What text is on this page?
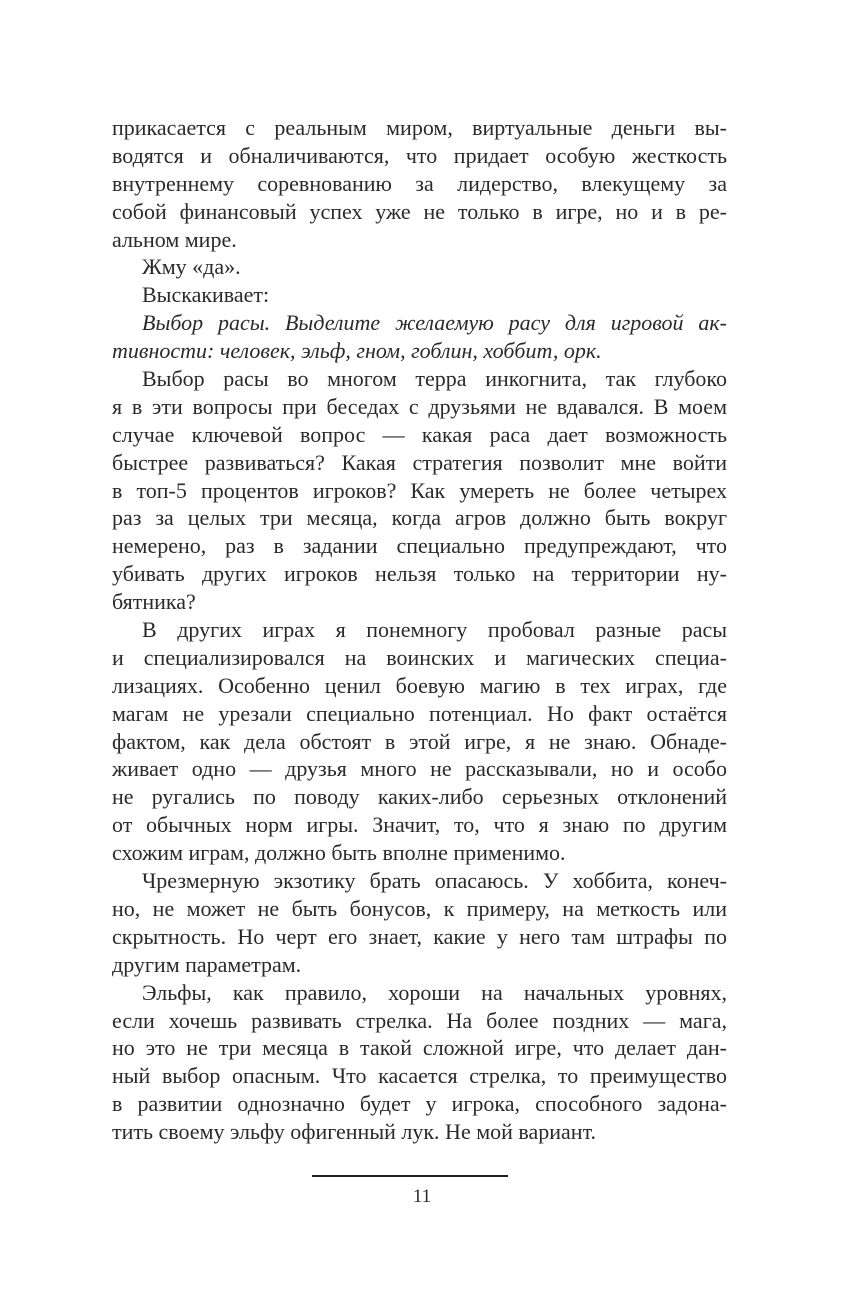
прикасается с реальным миром, виртуальные деньги вы-
водятся и обналичиваются, что придает особую жесткость
внутреннему соревнованию за лидерство, влекущему за
собой финансовый успех уже не только в игре, но и в ре-
альном мире.
Жму «да».
Выскакивает:
Выбор расы. Выделите желаемую расу для игровой ак-
тивности: человек, эльф, гном, гоблин, хоббит, орк.
Выбор расы во многом терра инкогнита, так глубоко
я в эти вопросы при беседах с друзьями не вдавался. В моем
случае ключевой вопрос — какая раса дает возможность
быстрее развиваться? Какая стратегия позволит мне войти
в топ-5 процентов игроков? Как умереть не более четырех
раз за целых три месяца, когда агров должно быть вокруг
немерено, раз в задании специально предупреждают, что
убивать других игроков нельзя только на территории ну-
бятника?
В других играх я понемногу пробовал разные расы
и специализировался на воинских и магических специа-
лизациях. Особенно ценил боевую магию в тех играх, где
магам не урезали специально потенциал. Но факт остаётся
фактом, как дела обстоят в этой игре, я не знаю. Обнаде-
живает одно — друзья много не рассказывали, но и особо
не ругались по поводу каких-либо серьезных отклонений
от обычных норм игры. Значит, то, что я знаю по другим
схожим играм, должно быть вполне применимо.
Чрезмерную экзотику брать опасаюсь. У хоббита, конеч-
но, не может не быть бонусов, к примеру, на меткость или
скрытность. Но черт его знает, какие у него там штрафы по
другим параметрам.
Эльфы, как правило, хороши на начальных уровнях,
если хочешь развивать стрелка. На более поздних — мага,
но это не три месяца в такой сложной игре, что делает дан-
ный выбор опасным. Что касается стрелка, то преимущество
в развитии однозначно будет у игрока, способного задона-
тить своему эльфу офигенный лук. Не мой вариант.
11
